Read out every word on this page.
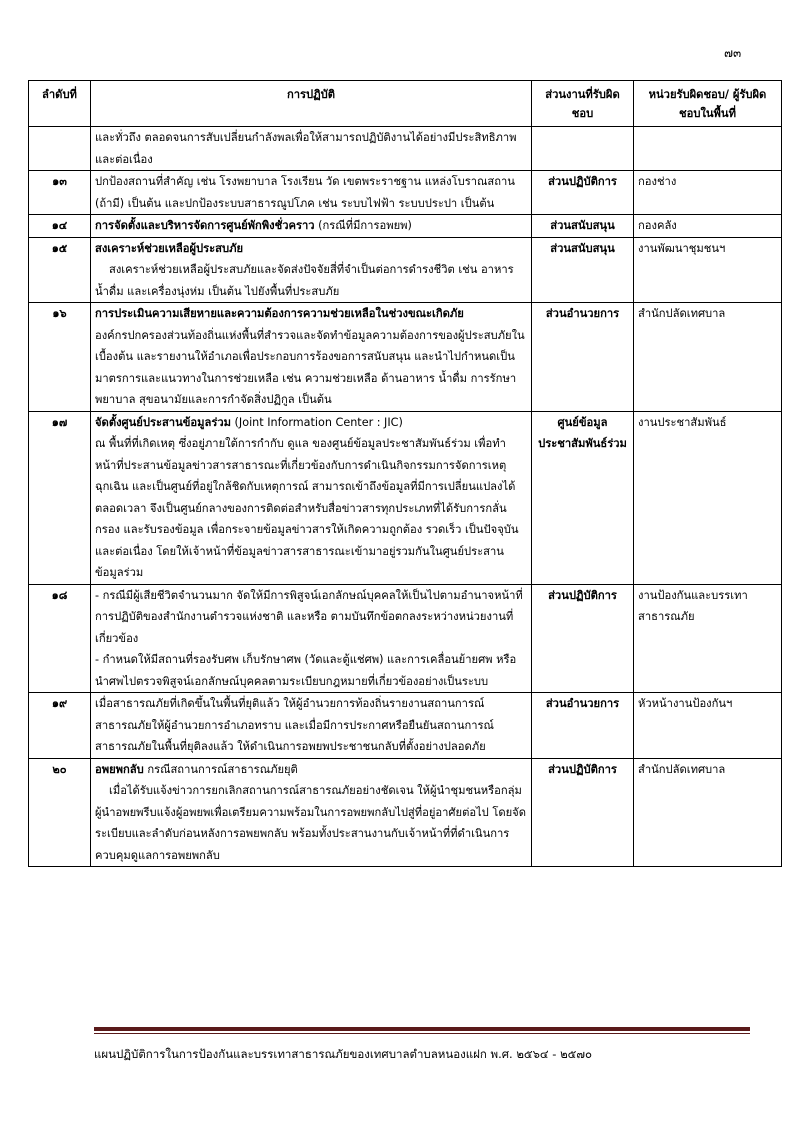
๗๓
ลำดับที่	การปฏิบัติ	ส่วนงานที่รับผิดชอบ	หน่วยรับผิดชอบ/ ผู้รับผิดชอบในพื้นที่
	และทั่วถึง ตลอดจนการสับเปลี่ยนกำลังพลเพื่อให้สามารถปฏิบัติงานได้อย่างมีประสิทธิภาพและต่อเนื่อง		
๑๓	ปกป้องสถานที่สำคัญ เช่น โรงพยาบาล โรงเรียน วัด เขตพระราชฐาน แหล่งโบราณสถาน (ถ้ามี) เป็นต้น และปกป้องระบบสาธารณูปโภค เช่น ระบบไฟฟ้า ระบบประปา เป็นต้น	ส่วนปฏิบัติการ	กองช่าง
๑๔	การจัดตั้งและบริหารจัดการศูนย์พักพิงชั่วคราว (กรณีที่มีการอพยพ)	ส่วนสนับสนุน	กองคลัง
๑๕	สงเคราะห์ช่วยเหลือผู้ประสบภัย
สงเคราะห์ช่วยเหลือผู้ประสบภัยและจัดส่งปัจจัยสี่ที่จำเป็นต่อการดำรงชีวิต เช่น อาหาร น้ำดื่ม และเครื่องนุ่งห่ม เป็นต้น ไปยังพื้นที่ประสบภัย	ส่วนสนับสนุน	งานพัฒนาชุมชนฯ
๑๖	การประเมินความเสียหายและความต้องการความช่วยเหลือในช่วงขณะเกิดภัย
องค์กรปกครองส่วนท้องถิ่นแห่งพื้นที่สำรวจและจัดทำข้อมูลความต้องการของผู้ประสบภัยในเบื้องต้น และรายงานให้อำเภอเพื่อประกอบการร้องขอการสนับสนุน และนำไปกำหนดเป็นมาตรการและแนวทางในการช่วยเหลือ เช่น ความช่วยเหลือ ด้านอาหาร น้ำดื่ม การรักษาพยาบาล สุขอนามัยและการกำจัดสิ่งปฏิกูล เป็นต้น	ส่วนอำนวยการ	สำนักปลัดเทศบาล
๑๗	จัดตั้งศูนย์ประสานข้อมูลร่วม (Joint Information Center : JIC)
ณ พื้นที่ที่เกิดเหตุ ซึ่งอยู่ภายใต้การกำกับ ดูแล ของศูนย์ข้อมูลประชาสัมพันธ์ร่วม เพื่อทำหน้าที่ประสานข้อมูลข่าวสารสาธารณะที่เกี่ยวข้องกับการดำเนินกิจกรรมการจัดการเหตุฉุกเฉิน และเป็นศูนย์ที่อยู่ใกล้ชิดกับเหตุการณ์ สามารถเข้าถึงข้อมูลที่มีการเปลี่ยนแปลงได้ตลอดเวลา จึงเป็นศูนย์กลางของการติดต่อสำหรับสื่อข่าวสารทุกประเภทที่ได้รับการกลั่นกรอง และรับรองข้อมูล เพื่อกระจายข้อมูลข่าวสารให้เกิดความถูกต้อง รวดเร็ว เป็นปัจจุบัน และต่อเนื่อง โดยให้เจ้าหน้าที่ข้อมูลข่าวสารสาธารณะเข้ามาอยู่รวมกันในศูนย์ประสานข้อมูลร่วม	ศูนย์ข้อมูลประชาสัมพันธ์ร่วม	งานประชาสัมพันธ์
๑๘	- กรณีมีผู้เสียชีวิตจำนวนมาก จัดให้มีการพิสูจน์เอกลักษณ์บุคคลให้เป็นไปตามอำนาจหน้าที่การปฏิบัติของสำนักงานตำรวจแห่งชาติ และหรือ ตามบันทึกข้อตกลงระหว่างหน่วยงานที่เกี่ยวข้อง
- กำหนดให้มีสถานที่รองรับศพ เก็บรักษาศพ (วัดและตู้แช่ศพ) และการเคลื่อนย้ายศพ หรือนำศพไปตรวจพิสูจน์เอกลักษณ์บุคคลตามระเบียบกฎหมายที่เกี่ยวข้องอย่างเป็นระบบ	ส่วนปฏิบัติการ	งานป้องกันและบรรเทาสาธารณภัย
๑๙	เมื่อสาธารณภัยที่เกิดขึ้นในพื้นที่ยุติแล้ว ให้ผู้อำนวยการท้องถิ่นรายงานสถานการณ์สาธารณภัยให้ผู้อำนวยการอำเภอทราบ และเมื่อมีการประกาศหรือยืนยันสถานการณ์สาธารณภัยในพื้นที่ยุติลงแล้ว ให้ดำเนินการอพยพประชาชนกลับที่ตั้งอย่างปลอดภัย	ส่วนอำนวยการ	หัวหน้างานป้องกันฯ
๒๐	อพยพกลับ กรณีสถานการณ์สาธารณภัยยุติ
เมื่อได้รับแจ้งข่าวการยกเลิกสถานการณ์สาธารณภัยอย่างชัดเจน ให้ผู้นำชุมชนหรือกลุ่มผู้นำอพยพรีบแจ้งผู้อพยพเพื่อเตรียมความพร้อมในการอพยพกลับไปสู่ที่อยู่อาศัยต่อไป โดยจัดระเบียบและลำดับก่อนหลังการอพยพกลับ พร้อมทั้งประสานงานกับเจ้าหน้าที่ที่ดำเนินการควบคุมดูแลการอพยพกลับ	ส่วนปฏิบัติการ	สำนักปลัดเทศบาล
แผนปฏิบัติการในการป้องกันและบรรเทาสาธารณภัยของเทศบาลตำบลหนองแฝก พ.ศ. ๒๕๖๔ - ๒๕๗๐
